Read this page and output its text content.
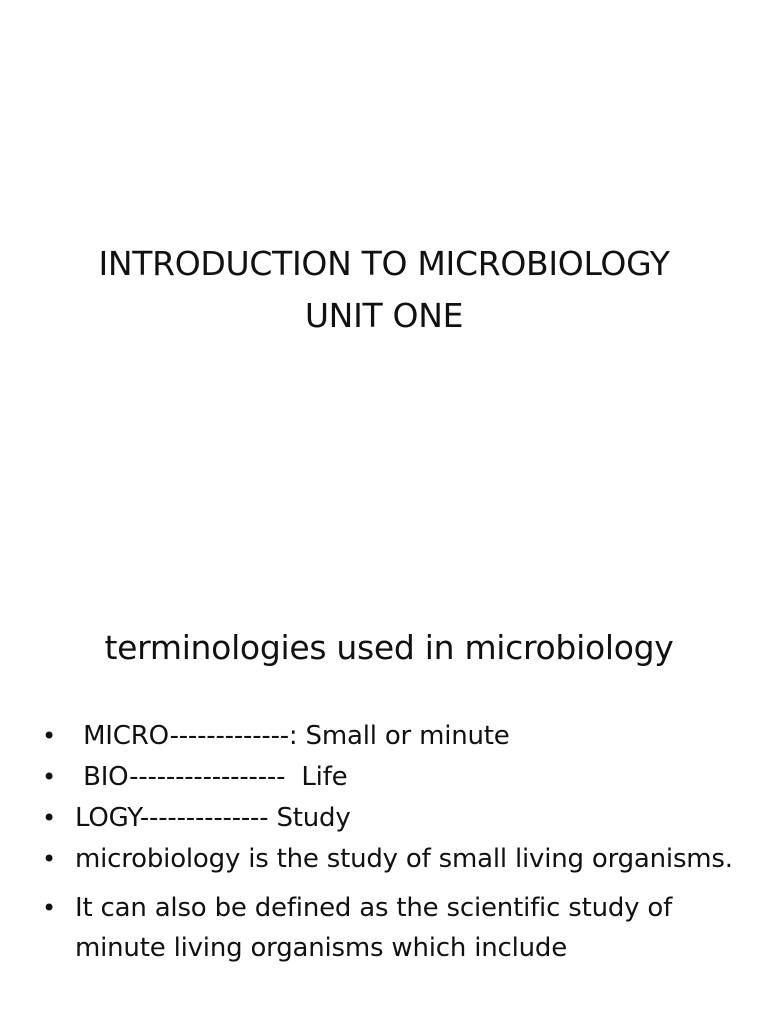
INTRODUCTION TO MICROBIOLOGY
UNIT ONE
terminologies used in microbiology
• MICRO-------------: Small or minute
• BIO-----------------  Life
• LOGY-------------- Study
• microbiology is the study of small living organisms.
• It can also be defined as the scientific study of minute living organisms which include
